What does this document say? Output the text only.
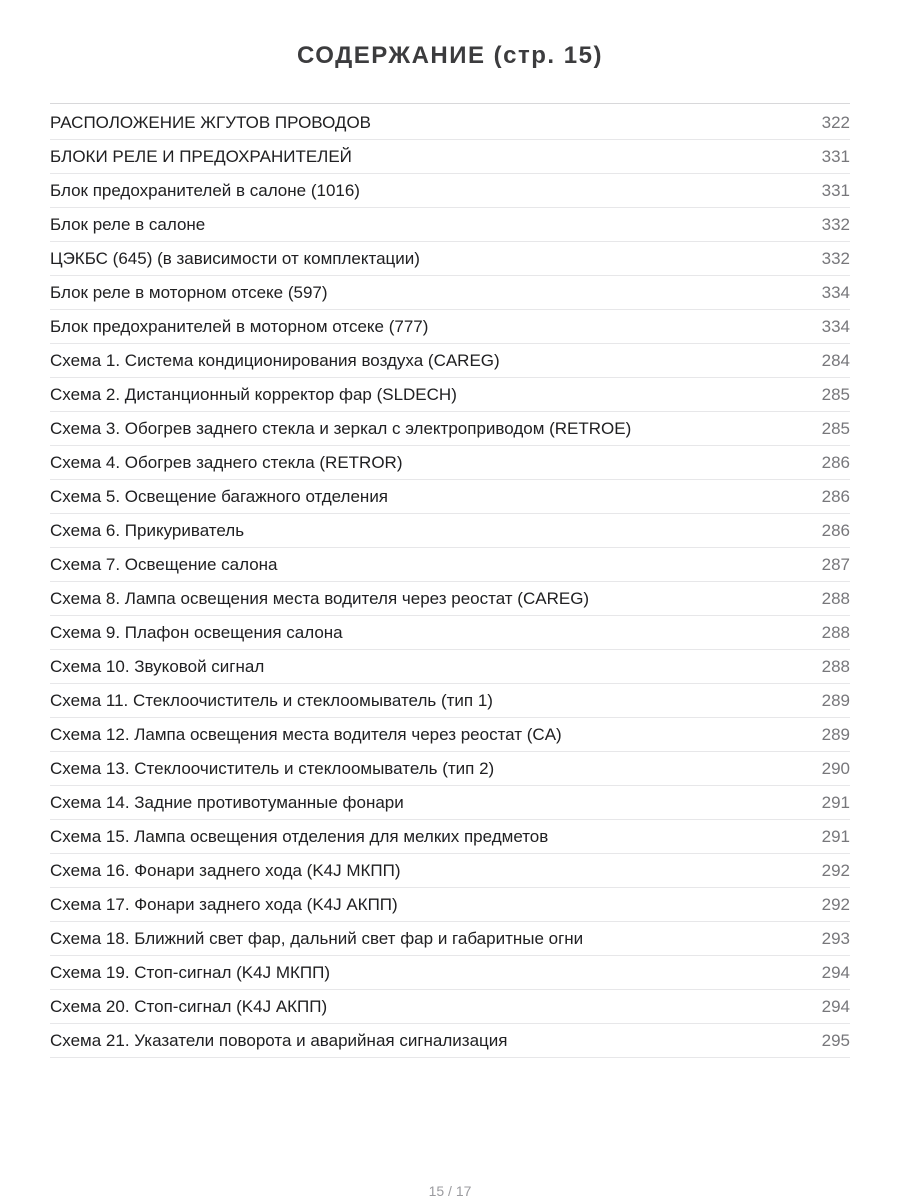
СОДЕРЖАНИЕ (стр. 15)
РАСПОЛОЖЕНИЕ ЖГУТОВ ПРОВОДОВ	322
БЛОКИ РЕЛЕ И ПРЕДОХРАНИТЕЛЕЙ	331
Блок предохранителей в салоне (1016)	331
Блок реле в салоне	332
ЦЭКБС (645) (в зависимости от комплектации)	332
Блок реле в моторном отсеке (597)	334
Блок предохранителей в моторном отсеке (777)	334
Схема 1. Система кондиционирования воздуха (CAREG)	284
Схема 2. Дистанционный корректор фар (SLDECH)	285
Схема 3. Обогрев заднего стекла и зеркал с электроприводом (RETROE)	285
Схема 4. Обогрев заднего стекла (RETROR)	286
Схема 5. Освещение багажного отделения	286
Схема 6. Прикуриватель	286
Схема 7. Освещение салона	287
Схема 8. Лампа освещения места водителя через реостат (CAREG)	288
Схема 9. Плафон освещения салона	288
Схема 10. Звуковой сигнал	288
Схема 11. Стеклоочиститель и стеклоомыватель (тип 1)	289
Схема 12. Лампа освещения места водителя через реостат (CA)	289
Схема 13. Стеклоочиститель и стеклоомыватель (тип 2)	290
Схема 14. Задние противотуманные фонари	291
Схема 15. Лампа освещения отделения для мелких предметов	291
Схема 16. Фонари заднего хода (K4J МКПП)	292
Схема 17. Фонари заднего хода (K4J АКПП)	292
Схема 18. Ближний свет фар, дальний свет фар и габаритные огни	293
Схема 19. Стоп-сигнал (K4J МКПП)	294
Схема 20. Стоп-сигнал (K4J АКПП)	294
Схема 21. Указатели поворота и аварийная сигнализация	295
15 / 17
